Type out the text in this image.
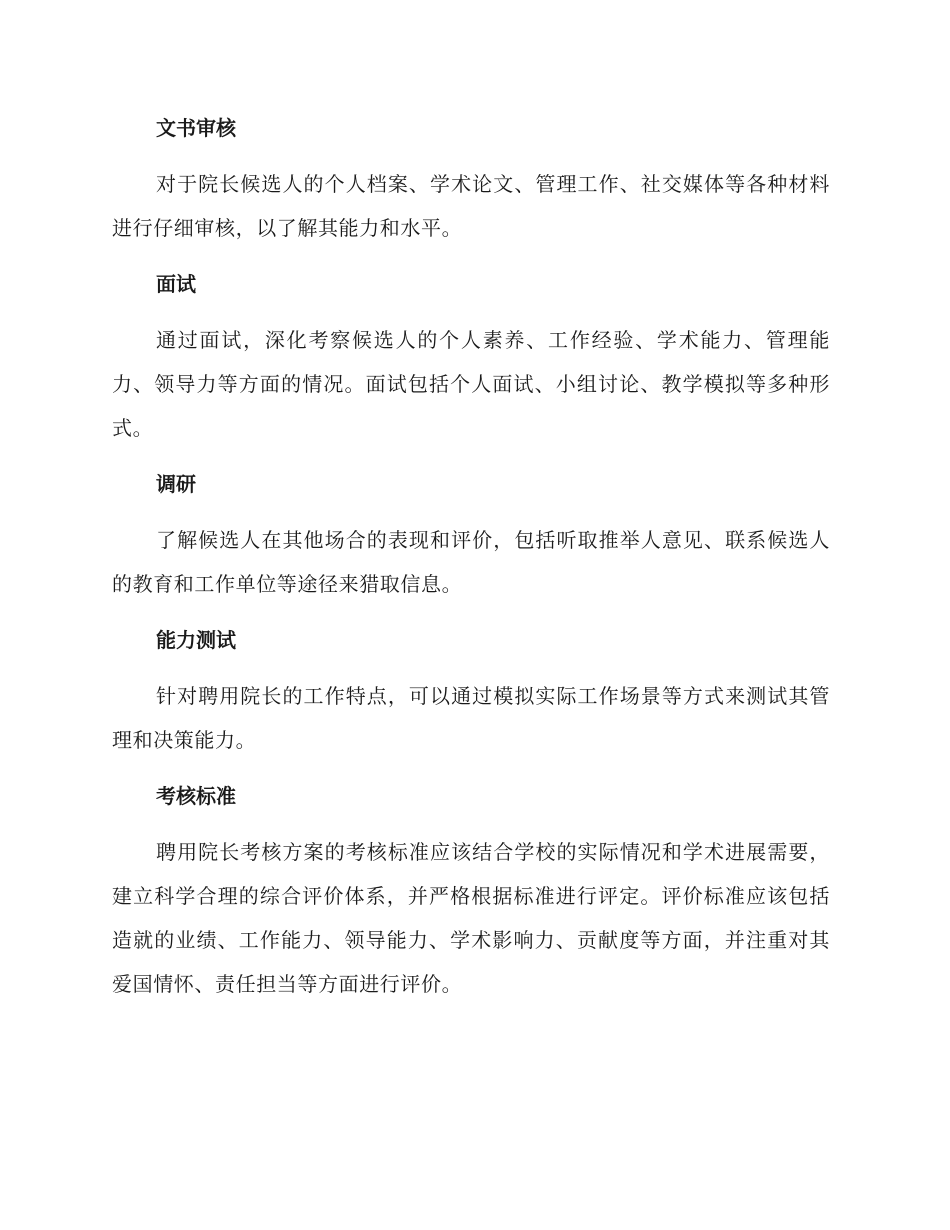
文书审核

对于院长候选人的个人档案、学术论文、管理工作、社交媒体等各种材料进行仔细审核，以了解其能力和水平。

面试

通过面试，深化考察候选人的个人素养、工作经验、学术能力、管理能力、领导力等方面的情况。面试包括个人面试、小组讨论、教学模拟等多种形式。

调研

了解候选人在其他场合的表现和评价，包括听取推举人意见、联系候选人的教育和工作单位等途径来猎取信息。

能力测试

针对聘用院长的工作特点，可以通过模拟实际工作场景等方式来测试其管理和决策能力。

考核标准

聘用院长考核方案的考核标准应该结合学校的实际情况和学术进展需要，建立科学合理的综合评价体系，并严格根据标准进行评定。评价标准应该包括造就的业绩、工作能力、领导能力、学术影响力、贡献度等方面，并注重对其爱国情怀、责任担当等方面进行评价。
